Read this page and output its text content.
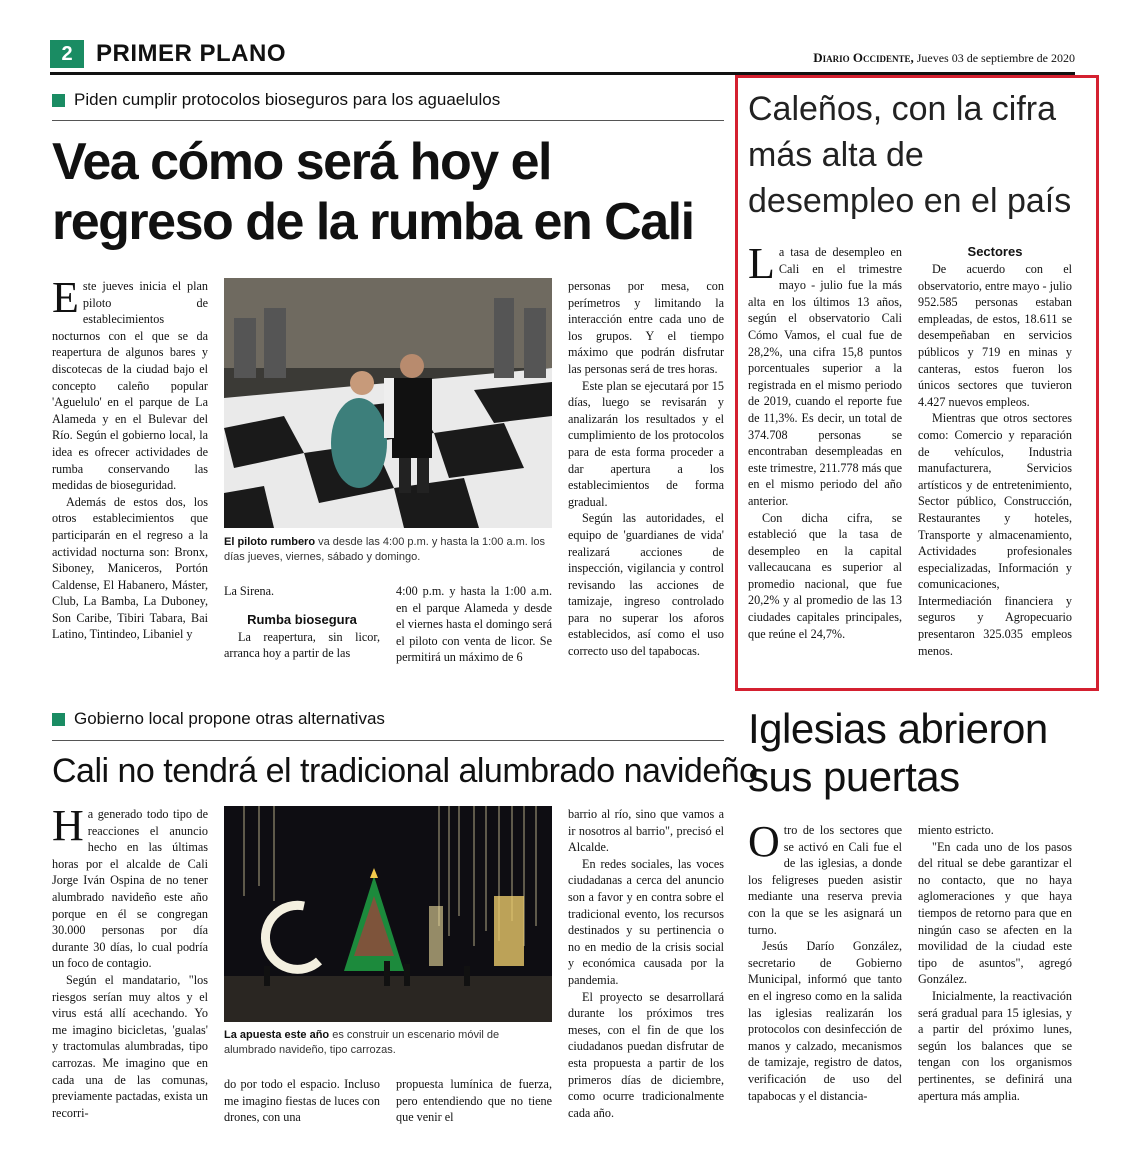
2 PRIMER PLANO	Diario Occidente, Jueves 03 de septiembre de 2020
Piden cumplir protocolos bioseguros para los aguaelulos
Vea cómo será hoy el regreso de la rumba en Cali

Este jueves inicia el plan piloto de establecimientos nocturnos con el que se da reapertura de algunos bares y discotecas de la ciudad bajo el concepto caleño popular 'Aguelulo' en el parque de La Alameda y en el Bulevar del Río. Según el gobierno local, la idea es ofrecer actividades de rumba conservando las medidas de bioseguridad.

Además de estos dos, los otros establecimientos que participarán en el regreso a la actividad nocturna son: Bronx, Siboney, Maniceros, Portón Caldense, El Habanero, Máster, Club, La Bamba, La Duboney, Son Caribe, Tibiri Tabara, Bai Latino, Tintindeo, Libaniel y

El piloto rumbero va desde las 4:00 p.m. y hasta la 1:00 a.m. los días jueves, viernes, sábado y domingo.

La Sirena.

Rumba biosegura

La reapertura, sin licor, arranca hoy a partir de las

4:00 p.m. y hasta la 1:00 a.m. en el parque Alameda y desde el viernes hasta el domingo será el piloto con venta de licor. Se permitirá un máximo de 6

personas por mesa, con perímetros y limitando la interacción entre cada uno de los grupos. Y el tiempo máximo que podrán disfrutar las personas será de tres horas.

Este plan se ejecutará por 15 días, luego se revisarán y analizarán los resultados y el cumplimiento de los protocolos para de esta forma proceder a dar apertura a los establecimientos de forma gradual.

Según las autoridades, el equipo de 'guardianes de vida' realizará acciones de inspección, vigilancia y control revisando las acciones de tamizaje, ingreso controlado para no superar los aforos establecidos, así como el uso correcto uso del tapabocas.

Caleños, con la cifra más alta de desempleo en el país

La tasa de desempleo en Cali en el trimestre mayo - julio fue la más alta en los últimos 13 años, según el observatorio Cali Cómo Vamos, el cual fue de 28,2%, una cifra 15,8 puntos porcentuales superior a la registrada en el mismo periodo de 2019, cuando el reporte fue de 11,3%. Es decir, un total de 374.708 personas se encontraban desempleadas en este trimestre, 211.778 más que en el mismo periodo del año anterior.

Con dicha cifra, se estableció que la tasa de desempleo en la capital vallecaucana es superior al promedio nacional, que fue 20,2% y al promedio de las 13 ciudades capitales principales, que reúne el 24,7%.

Sectores

De acuerdo con el observatorio, entre mayo - julio 952.585 personas estaban empleadas, de estos, 18.611 se desempeñaban en servicios públicos y 719 en minas y canteras, estos fueron los únicos sectores que tuvieron 4.427 nuevos empleos.

Mientras que otros sectores como: Comercio y reparación de vehículos, Industria manufacturera, Servicios artísticos y de entretenimiento, Sector público, Construcción, Restaurantes y hoteles, Transporte y almacenamiento, Actividades profesionales especializadas, Información y comunicaciones, Intermediación financiera y seguros y Agropecuario presentaron 325.035 empleos menos.

Gobierno local propone otras alternativas
Cali no tendrá el tradicional alumbrado navideño

Ha generado todo tipo de reacciones el anuncio hecho en las últimas horas por el alcalde de Cali Jorge Iván Ospina de no tener alumbrado navideño este año porque en él se congregan 30.000 personas por día durante 30 días, lo cual podría un foco de contagio.

Según el mandatario, "los riesgos serían muy altos y el virus está allí acechando. Yo me imagino bicicletas, 'gualas' y tractomulas alumbradas, tipo carrozas. Me imagino que en cada una de las comunas, previamente pactadas, exista un recorri-

La apuesta este año es construir un escenario móvil de alumbrado navideño, tipo carrozas.

do por todo el espacio. Incluso me imagino fiestas de luces con drones, con una

propuesta lumínica de fuerza, pero entendiendo que no tiene que venir el

barrio al río, sino que vamos a ir nosotros al barrio", precisó el Alcalde.

En redes sociales, las voces ciudadanas a cerca del anuncio son a favor y en contra sobre el tradicional evento, los recursos destinados y su pertinencia o no en medio de la crisis social y económica causada por la pandemia.

El proyecto se desarrollará durante los próximos tres meses, con el fin de que los ciudadanos puedan disfrutar de esta propuesta a partir de los primeros días de diciembre, como ocurre tradicionalmente cada año.

Iglesias abrieron sus puertas

Otro de los sectores que se activó en Cali fue el de las iglesias, a donde los feligreses pueden asistir mediante una reserva previa con la que se les asignará un turno.

Jesús Darío González, secretario de Gobierno Municipal, informó que tanto en el ingreso como en la salida las iglesias realizarán los protocolos con desinfección de manos y calzado, mecanismos de tamizaje, registro de datos, verificación de uso del tapabocas y el distancia-

miento estricto.

"En cada uno de los pasos del ritual se debe garantizar el no contacto, que no haya aglomeraciones y que haya tiempos de retorno para que en ningún caso se afecten en la movilidad de la ciudad este tipo de asuntos", agregó González.

Inicialmente, la reactivación será gradual para 15 iglesias, y a partir del próximo lunes, según los balances que se tengan con los organismos pertinentes, se definirá una apertura más amplia.
